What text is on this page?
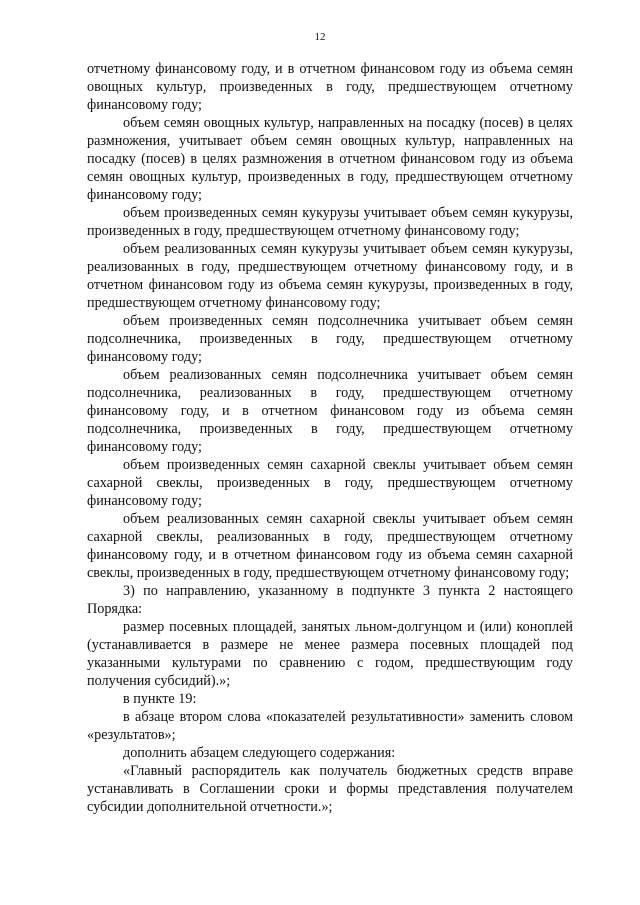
12

отчетному финансовому году, и в отчетном финансовом году из объема семян овощных культур, произведенных в году, предшествующем отчетному финансовому году;

объем семян овощных культур, направленных на посадку (посев) в целях размножения, учитывает объем семян овощных культур, направленных на посадку (посев) в целях размножения в отчетном финансовом году из объема семян овощных культур, произведенных в году, предшествующем отчетному финансовому году;

объем произведенных семян кукурузы учитывает объем семян кукурузы, произведенных в году, предшествующем отчетному финансовому году;

объем реализованных семян кукурузы учитывает объем семян кукурузы, реализованных в году, предшествующем отчетному финансовому году, и в отчетном финансовом году из объема семян кукурузы, произведенных в году, предшествующем отчетному финансовому году;

объем произведенных семян подсолнечника учитывает объем семян подсолнечника, произведенных в году, предшествующем отчетному финансовому году;

объем реализованных семян подсолнечника учитывает объем семян подсолнечника, реализованных в году, предшествующем отчетному финансовому году, и в отчетном финансовом году из объема семян подсолнечника, произведенных в году, предшествующем отчетному финансовому году;

объем произведенных семян сахарной свеклы учитывает объем семян сахарной свеклы, произведенных в году, предшествующем отчетному финансовому году;

объем реализованных семян сахарной свеклы учитывает объем семян сахарной свеклы, реализованных в году, предшествующем отчетному финансовому году, и в отчетном финансовом году из объема семян сахарной свеклы, произведенных в году, предшествующем отчетному финансовому году;

3) по направлению, указанному в подпункте 3 пункта 2 настоящего Порядка:

размер посевных площадей, занятых льном-долгунцом и (или) коноплей (устанавливается в размере не менее размера посевных площадей под указанными культурами по сравнению с годом, предшествующим году получения субсидий).»;

в пункте 19:

в абзаце втором слова «показателей результативности» заменить словом «результатов»;

дополнить абзацем следующего содержания:

«Главный распорядитель как получатель бюджетных средств вправе устанавливать в Соглашении сроки и формы представления получателем субсидии дополнительной отчетности.»;
